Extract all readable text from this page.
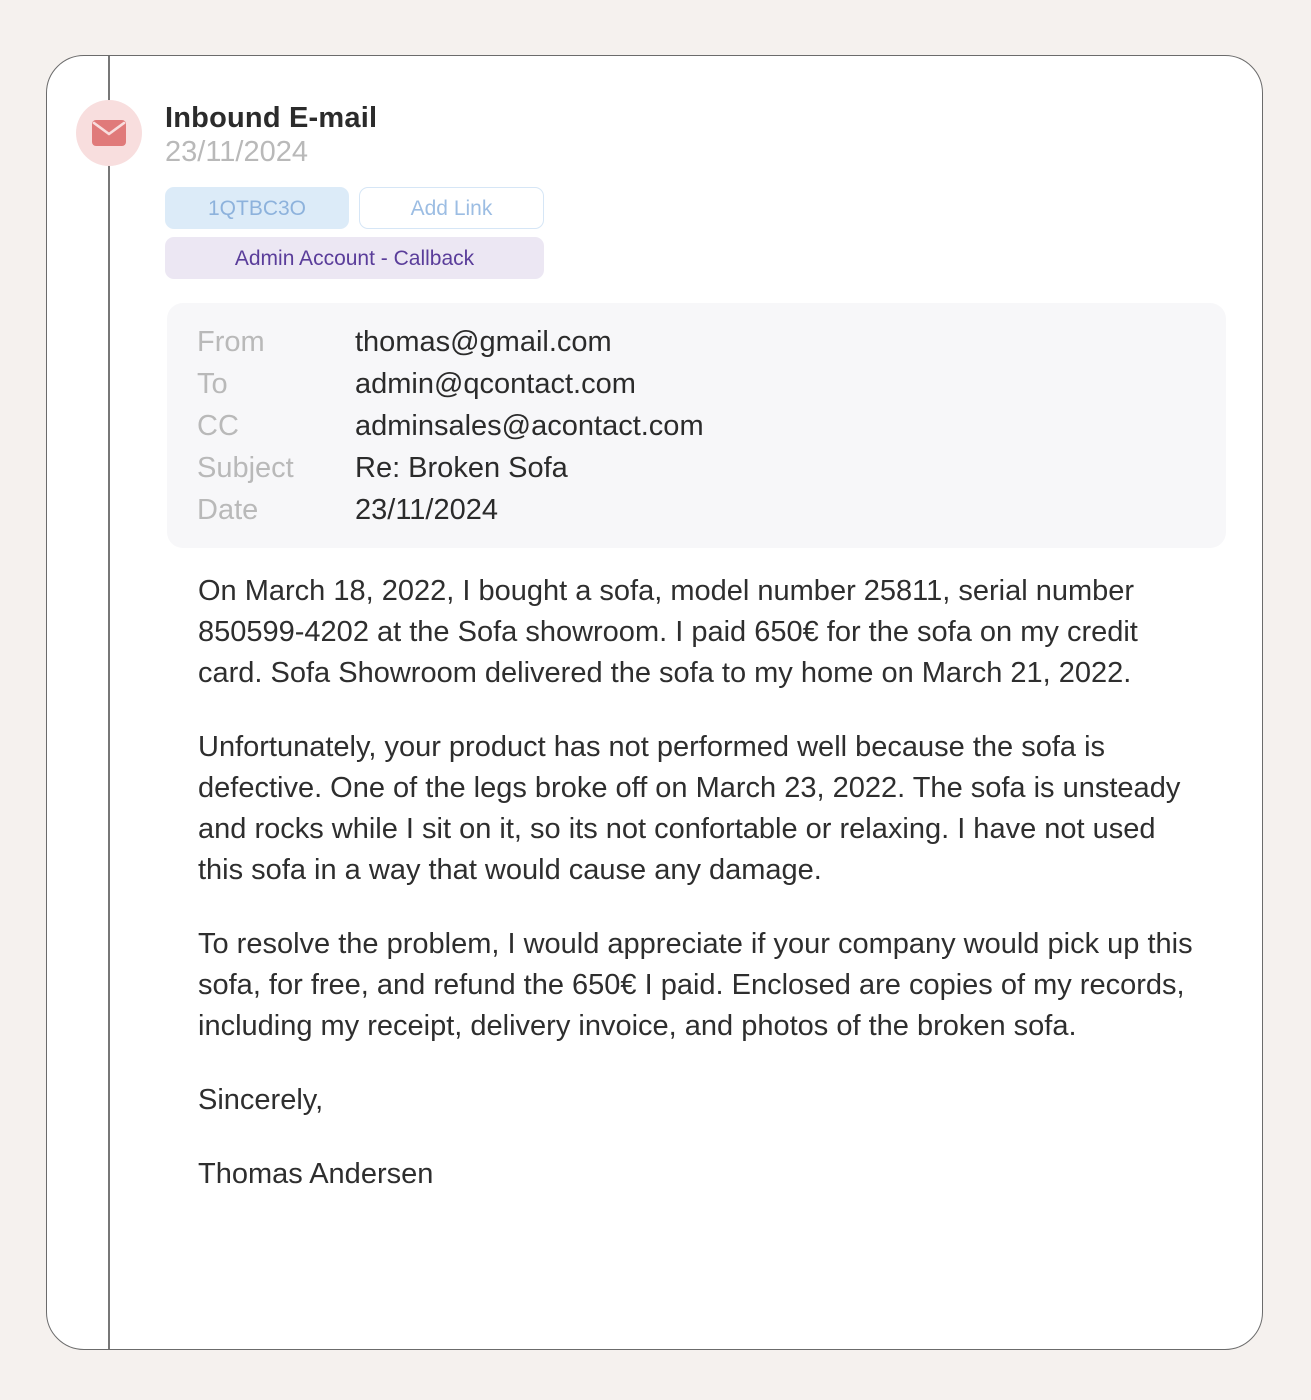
Inbound E-mail
23/11/2024
1QTBC3O	Add Link
Admin Account - Callback
From	thomas@gmail.com
To	admin@qcontact.com
CC	adminsales@acontact.com
Subject	Re: Broken Sofa
Date	23/11/2024

On March 18, 2022, I bought a sofa, model number 25811, serial number 850599-4202 at the Sofa showroom. I paid 650€ for the sofa on my credit card. Sofa Showroom delivered the sofa to my home on March 21, 2022.

Unfortunately, your product has not performed well because the sofa is defective. One of the legs broke off on March 23, 2022. The sofa is unsteady and rocks while I sit on it, so its not confortable or relaxing. I have not used this sofa in a way that would cause any damage.

To resolve the problem, I would appreciate if your company would pick up this sofa, for free, and refund the 650€ I paid. Enclosed are copies of my records, including my receipt, delivery invoice, and photos of the broken sofa.

Sincerely,

Thomas Andersen
